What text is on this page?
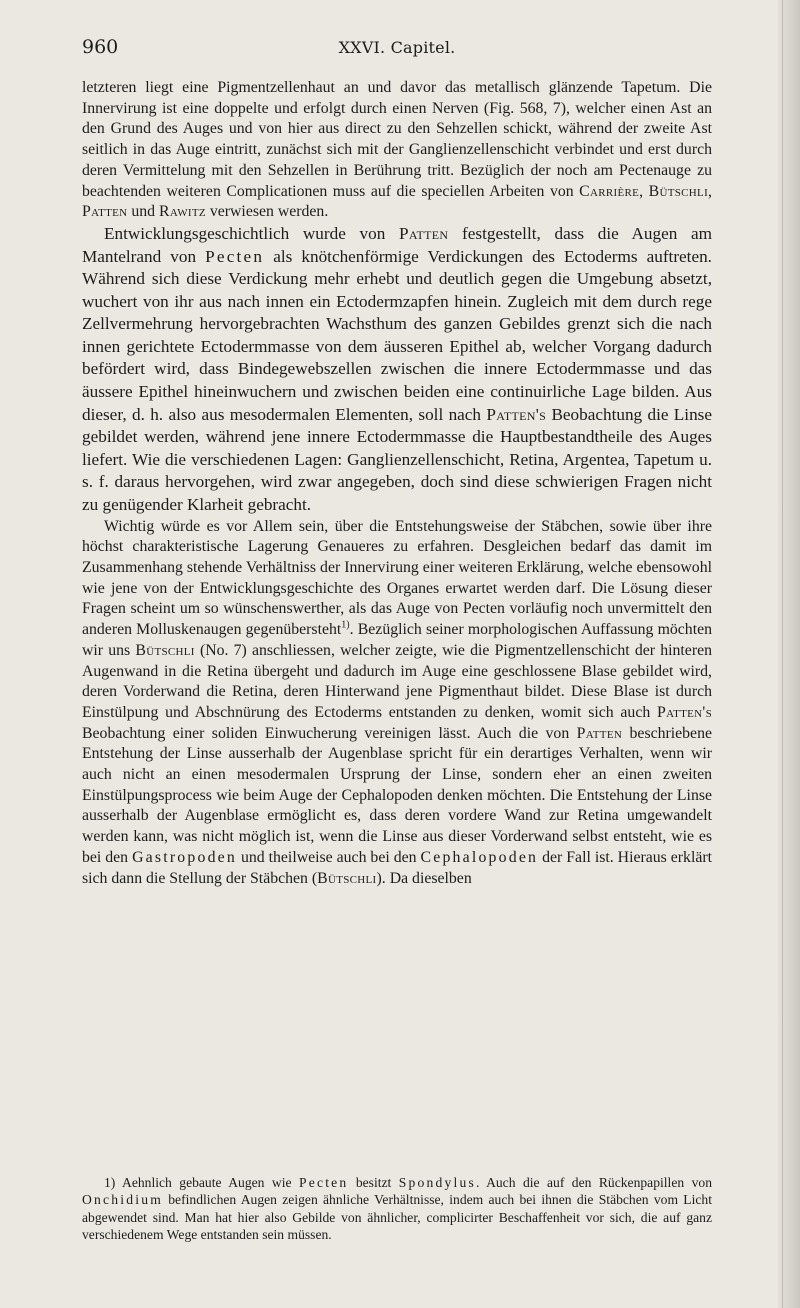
960	XXVI. Capitel.

letzteren liegt eine Pigmentzellenhaut an und davor das metallisch glänzende Tapetum. Die Innervirung ist eine doppelte und erfolgt durch einen Nerven (Fig. 568, 7), welcher einen Ast an den Grund des Auges und von hier aus direct zu den Sehzellen schickt, während der zweite Ast seitlich in das Auge eintritt, zunächst sich mit der Ganglienzellenschicht verbindet und erst durch deren Vermittelung mit den Sehzellen in Berührung tritt. Bezüglich der noch am Pectenauge zu beachtenden weiteren Complicationen muss auf die speciellen Arbeiten von Carrière, Bütschli, Patten und Rawitz verwiesen werden.

Entwicklungsgeschichtlich wurde von Patten festgestellt, dass die Augen am Mantelrand von Pecten als knötchenförmige Verdickungen des Ectoderms auftreten. Während sich diese Verdickung mehr erhebt und deutlich gegen die Umgebung absetzt, wuchert von ihr aus nach innen ein Ectodermzapfen hinein. Zugleich mit dem durch rege Zellvermehrung hervorgebrachten Wachsthum des ganzen Gebildes grenzt sich die nach innen gerichtete Ectodermmasse von dem äusseren Epithel ab, welcher Vorgang dadurch befördert wird, dass Bindegewebszellen zwischen die innere Ectodermmasse und das äussere Epithel hineinwuchern und zwischen beiden eine continuirliche Lage bilden. Aus dieser, d. h. also aus mesodermalen Elementen, soll nach Patten's Beobachtung die Linse gebildet werden, während jene innere Ectodermmasse die Hauptbestandtheile des Auges liefert. Wie die verschiedenen Lagen: Ganglienzellenschicht, Retina, Argentea, Tapetum u. s. f. daraus hervorgehen, wird zwar angegeben, doch sind diese schwierigen Fragen nicht zu genügender Klarheit gebracht.

Wichtig würde es vor Allem sein, über die Entstehungsweise der Stäbchen, sowie über ihre höchst charakteristische Lagerung Genaueres zu erfahren. Desgleichen bedarf das damit im Zusammenhang stehende Verhältniss der Innervirung einer weiteren Erklärung, welche ebensowohl wie jene von der Entwicklungsgeschichte des Organes erwartet werden darf. Die Lösung dieser Fragen scheint um so wünschenswerther, als das Auge von Pecten vorläufig noch unvermittelt den anderen Molluskenaugen gegenübersteht$^{1)}$. Bezüglich seiner morphologischen Auffassung möchten wir uns Bütschli (No. 7) anschliessen, welcher zeigte, wie die Pigmentzellenschicht der hinteren Augenwand in die Retina übergeht und dadurch im Auge eine geschlossene Blase gebildet wird, deren Vorderwand die Retina, deren Hinterwand jene Pigmenthaut bildet. Diese Blase ist durch Einstülpung und Abschnürung des Ectoderms entstanden zu denken, womit sich auch Patten's Beobachtung einer soliden Einwucherung vereinigen lässt. Auch die von Patten beschriebene Entstehung der Linse ausserhalb der Augenblase spricht für ein derartiges Verhalten, wenn wir auch nicht an einen mesodermalen Ursprung der Linse, sondern eher an einen zweiten Einstülpungsprocess wie beim Auge der Cephalopoden denken möchten. Die Entstehung der Linse ausserhalb der Augenblase ermöglicht es, dass deren vordere Wand zur Retina umgewandelt werden kann, was nicht möglich ist, wenn die Linse aus dieser Vorderwand selbst entsteht, wie es bei den Gastropoden und theilweise auch bei den Cephalopoden der Fall ist. Hieraus erklärt sich dann die Stellung der Stäbchen (Bütschli). Da dieselben

1) Aehnlich gebaute Augen wie Pecten besitzt Spondylus. Auch die auf den Rückenpapillen von Onchidium befindlichen Augen zeigen ähnliche Verhältnisse, indem auch bei ihnen die Stäbchen vom Licht abgewendet sind. Man hat hier also Gebilde von ähnlicher, complicirter Beschaffenheit vor sich, die auf ganz verschiedenem Wege entstanden sein müssen.
